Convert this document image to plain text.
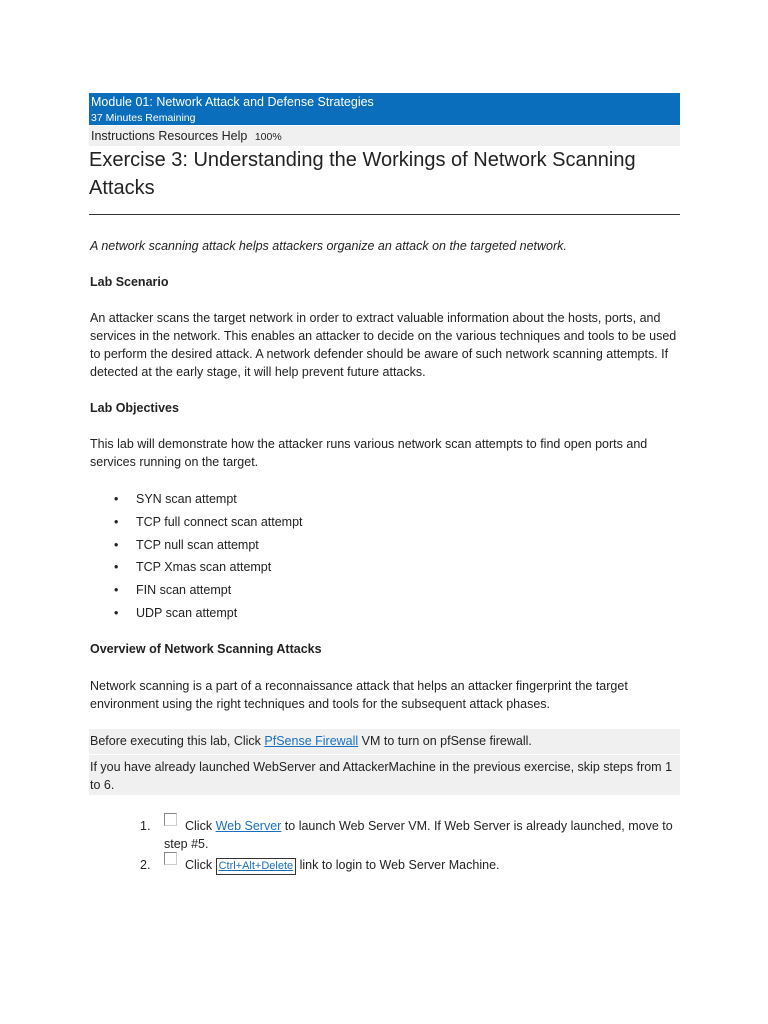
Module 01: Network Attack and Defense Strategies
37 Minutes Remaining
Instructions Resources Help 100%
Exercise 3: Understanding the Workings of Network Scanning Attacks

A network scanning attack helps attackers organize an attack on the targeted network.

Lab Scenario

An attacker scans the target network in order to extract valuable information about the hosts, ports, and services in the network. This enables an attacker to decide on the various techniques and tools to be used to perform the desired attack. A network defender should be aware of such network scanning attempts. If detected at the early stage, it will help prevent future attacks.

Lab Objectives

This lab will demonstrate how the attacker runs various network scan attempts to find open ports and services running on the target.

• SYN scan attempt
• TCP full connect scan attempt
• TCP null scan attempt
• TCP Xmas scan attempt
• FIN scan attempt
• UDP scan attempt

Overview of Network Scanning Attacks

Network scanning is a part of a reconnaissance attack that helps an attacker fingerprint the target environment using the right techniques and tools for the subsequent attack phases.

Before executing this lab, Click PfSense Firewall VM to turn on pfSense firewall.

If you have already launched WebServer and AttackerMachine in the previous exercise, skip steps from 1 to 6.

1.	Click Web Server to launch Web Server VM. If Web Server is already launched, move to step #5.
2.	Click Ctrl+Alt+Delete link to login to Web Server Machine.
